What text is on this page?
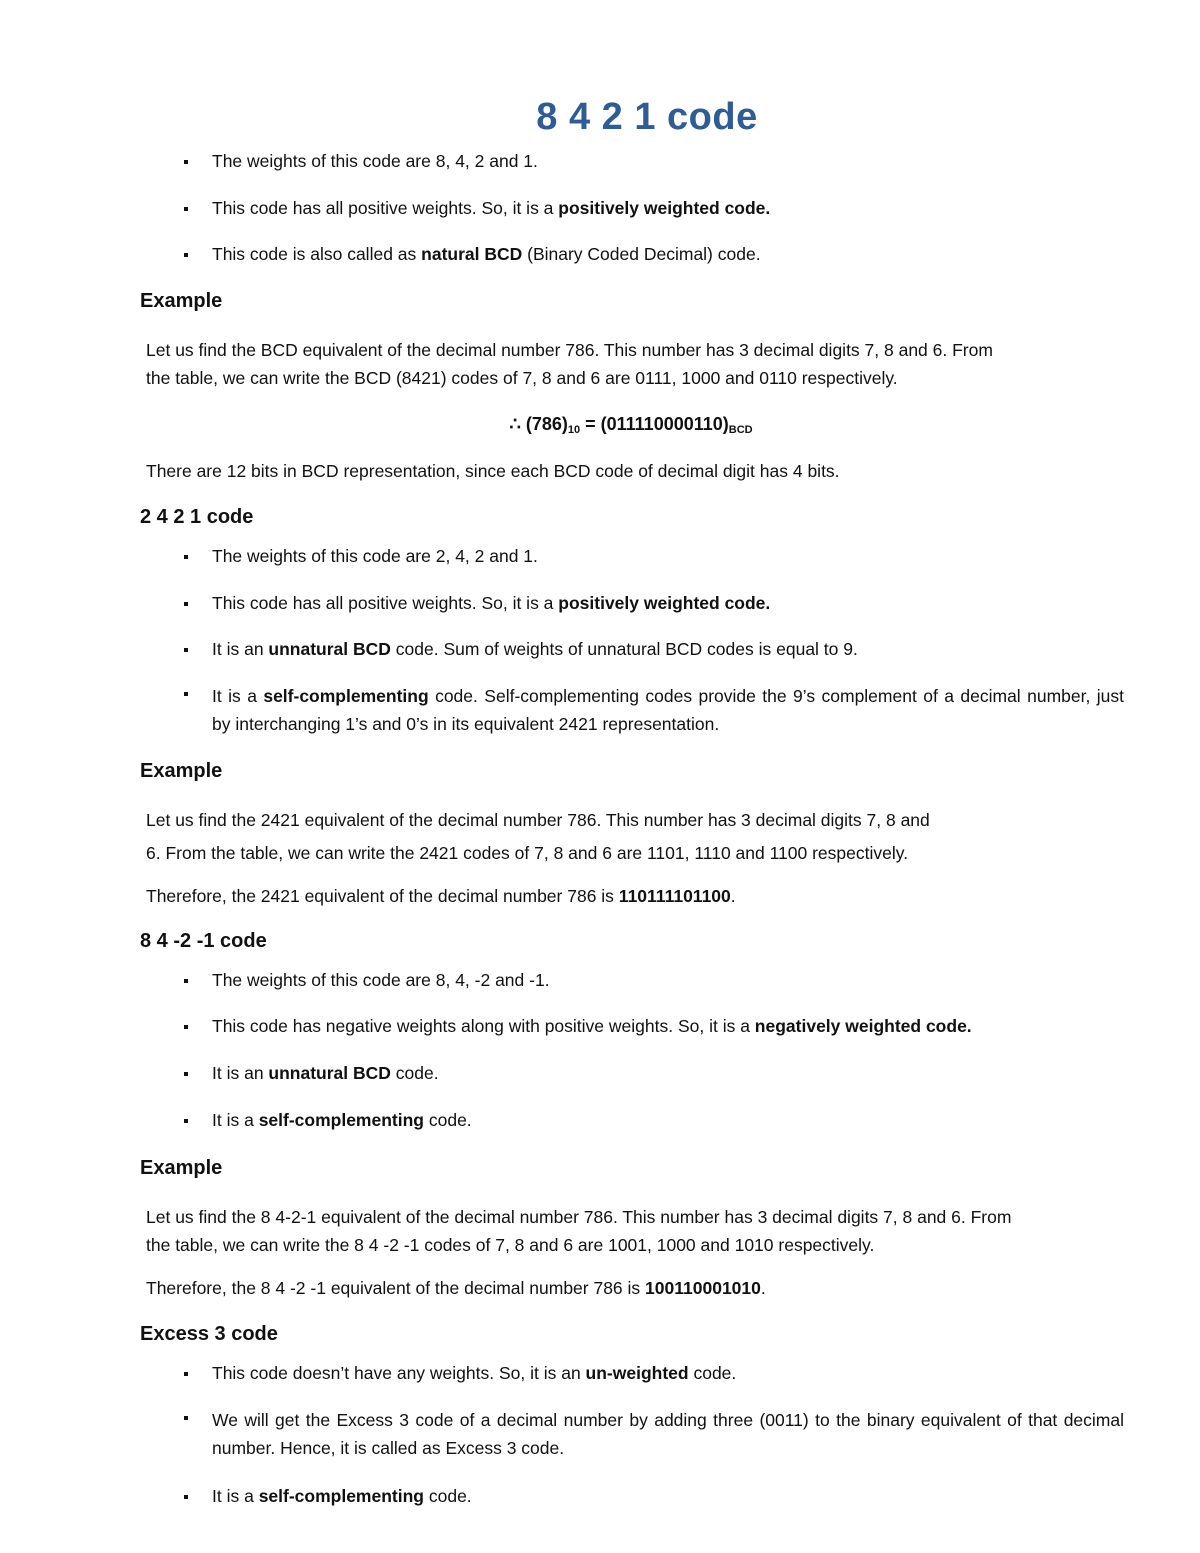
8 4 2 1 code
The weights of this code are 8, 4, 2 and 1.
This code has all positive weights. So, it is a positively weighted code.
This code is also called as natural BCD (Binary Coded Decimal) code.
Example
Let us find the BCD equivalent of the decimal number 786. This number has 3 decimal digits 7, 8 and 6. From
the table, we can write the BCD (8421) codes of 7, 8 and 6 are 0111, 1000 and 0110 respectively.
∴ $(786)_{10} = (011110000110)_{BCD}$
There are 12 bits in BCD representation, since each BCD code of decimal digit has 4 bits.
2 4 2 1 code
The weights of this code are 2, 4, 2 and 1.
This code has all positive weights. So, it is a positively weighted code.
It is an unnatural BCD code. Sum of weights of unnatural BCD codes is equal to 9.
It is a self-complementing code. Self-complementing codes provide the 9’s complement of a decimal number, just by interchanging 1’s and 0’s in its equivalent 2421 representation.
Example
Let us find the 2421 equivalent of the decimal number 786. This number has 3 decimal digits 7, 8 and
6. From the table, we can write the 2421 codes of 7, 8 and 6 are 1101, 1110 and 1100 respectively.
Therefore, the 2421 equivalent of the decimal number 786 is 110111101100.
8 4 -2 -1 code
The weights of this code are 8, 4, -2 and -1.
This code has negative weights along with positive weights. So, it is a negatively weighted code.
It is an unnatural BCD code.
It is a self-complementing code.
Example
Let us find the 8 4-2-1 equivalent of the decimal number 786. This number has 3 decimal digits 7, 8 and 6. From
the table, we can write the 8 4 -2 -1 codes of 7, 8 and 6 are 1001, 1000 and 1010 respectively.
Therefore, the 8 4 -2 -1 equivalent of the decimal number 786 is 100110001010.
Excess 3 code
This code doesn’t have any weights. So, it is an un-weighted code.
We will get the Excess 3 code of a decimal number by adding three (0011) to the binary equivalent of that decimal number. Hence, it is called as Excess 3 code.
It is a self-complementing code.
